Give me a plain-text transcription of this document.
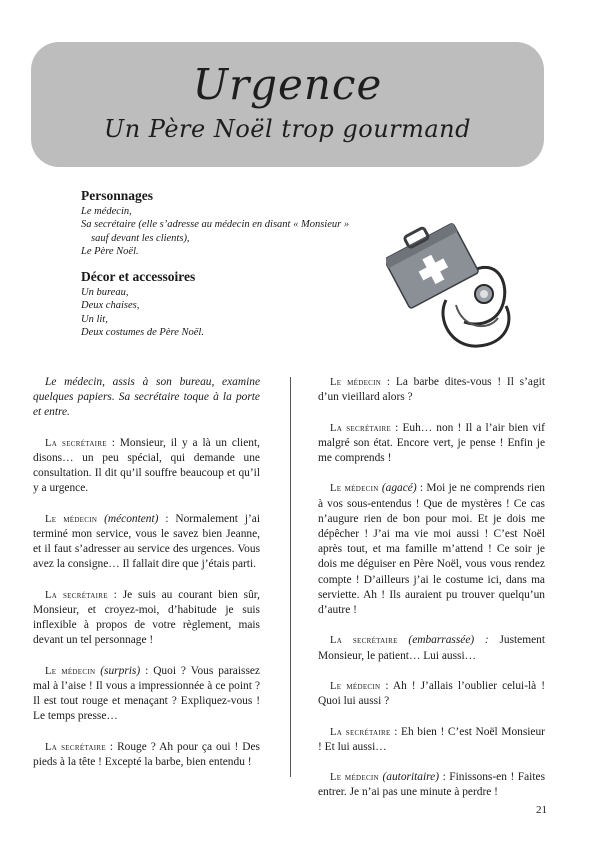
Urgence
Un Père Noël trop gourmand
Personnages

Le médecin,

Sa secrétaire (elle s’adresse au médecin en disant « Monsieur »

sauf devant les clients),

Le Père Noël.

Décor et accessoires

Un bureau,

Deux chaises,

Un lit,

Deux costumes de Père Noël.

Le médecin, assis à son bureau, examine quelques papiers. Sa secrétaire toque à la porte et entre.

La secrétaire : Monsieur, il y a là un client, disons… un peu spécial, qui demande une consultation. Il dit qu’il souffre beaucoup et qu’il y a urgence.

Le médecin (mécontent) : Normalement j’ai terminé mon service, vous le savez bien Jeanne, et il faut s’adresser au service des urgences. Vous avez la consigne… Il fallait dire que j’étais parti.

La secrétaire : Je suis au courant bien sûr, Monsieur, et croyez-moi, d’habitude je suis inflexible à propos de votre règlement, mais devant un tel personnage !

Le médecin (surpris) : Quoi ? Vous paraissez mal à l’aise ! Il vous a impressionnée à ce point ? Il est tout rouge et menaçant ? Expliquez-vous ! Le temps presse…

La secrétaire : Rouge ? Ah pour ça oui ! Des pieds à la tête ! Excepté la barbe, bien entendu !

Le médecin : La barbe dites-vous ! Il s’agit d’un vieillard alors ?

La secrétaire : Euh… non ! Il a l’air bien vif malgré son état. Encore vert, je pense ! Enfin je me comprends !

Le médecin (agacé) : Moi je ne comprends rien à vos sous-entendus ! Que de mystères ! Ce cas n’augure rien de bon pour moi. Et je dois me dépêcher ! J’ai ma vie moi aussi ! C’est Noël après tout, et ma famille m’attend ! Ce soir je dois me déguiser en Père Noël, vous vous rendez compte ! D’ailleurs j’ai le costume ici, dans ma serviette. Ah ! Ils auraient pu trouver quelqu’un d’autre !

La secrétaire (embarrassée) : Justement Monsieur, le patient… Lui aussi…

Le médecin : Ah ! J’allais l’oublier celui-là ! Quoi lui aussi ?

La secrétaire : Eh bien ! C’est Noël Monsieur ! Et lui aussi…

Le médecin (autoritaire) : Finissons-en ! Faites entrer. Je n’ai pas une minute à perdre !

21
